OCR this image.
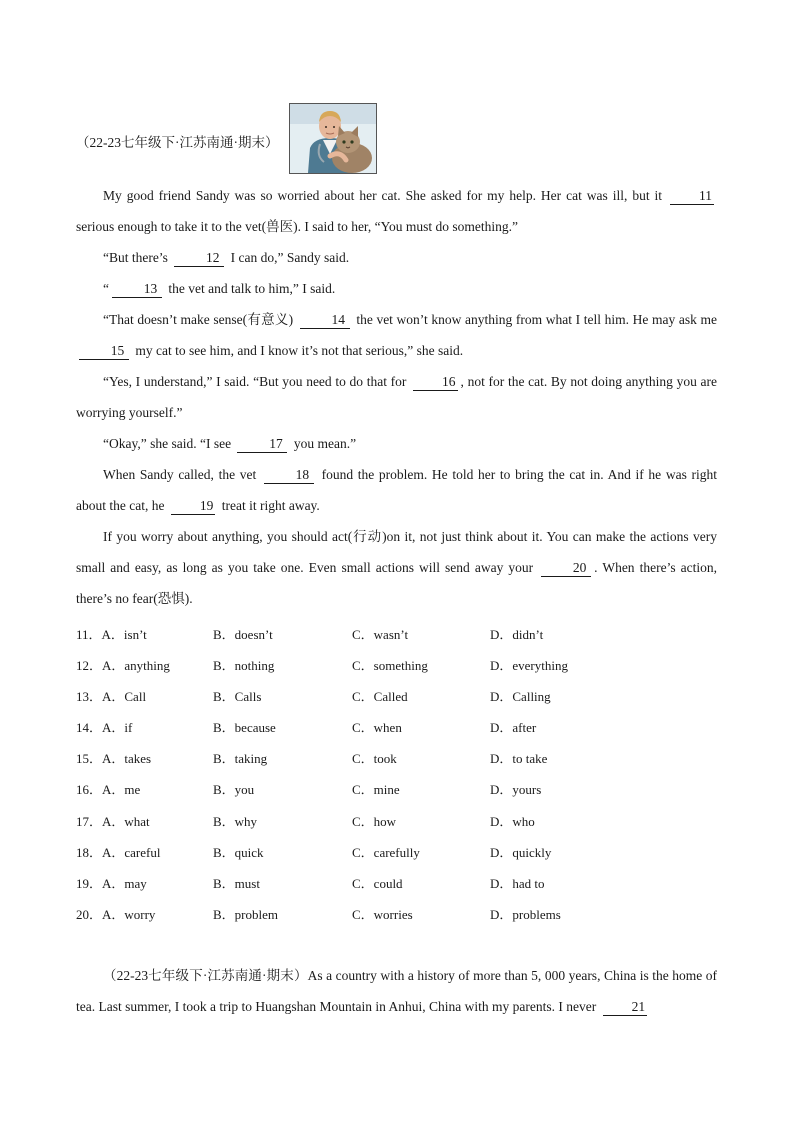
（22-23七年级下·江苏南通·期末）

My good friend Sandy was so worried about her cat. She asked for my help. Her cat was ill, but it 11 serious enough to take it to the vet(兽医). I said to her, “You must do something.”

“But there’s	12 I can do,” Sandy said.

“	13 the vet and talk to him,” I said.

“That doesn’t make sense(有意义)	14 the vet won’t know anything from what I tell him. He may ask me 15 my cat to see him, and I know it’s not that serious,” she said.

“Yes, I understand,” I said. “But you need to do that for 16 , not for the cat. By not doing anything you are worrying yourself.”

“Okay,” she said. “I see	17 you mean.”

When Sandy called, the vet	18 found the problem. He told her to bring the cat in. And if he was right about the cat, he 19 treat it right away.

If you worry about anything, you should act(行动)on it, not just think about it. You can make the actions very small and easy, as long as you take one. Even small actions will send away your	20 . When there’s action, there’s no fear(恐惧).

11．A．isn’t	B．doesn’t	C．wasn’t	D．didn’t
12．A．anything	B．nothing	C．something	D．everything
13．A．Call	B．Calls	C．Called	D．Calling
14．A．if	B．because	C．when	D．after
15．A．takes	B．taking	C．took	D．to take
16．A．me	B．you	C．mine	D．yours
17．A．what	B．why	C．how	D．who
18．A．careful	B．quick	C．carefully	D．quickly
19．A．may	B．must	C．could	D．had to
20．A．worry	B．problem	C．worries	D．problems

（22-23七年级下·江苏南通·期末）As a country with a history of more than 5, 000 years, China is the home of tea. Last summer, I took a trip to Huangshan Mountain in Anhui, China with my parents. I never 21
